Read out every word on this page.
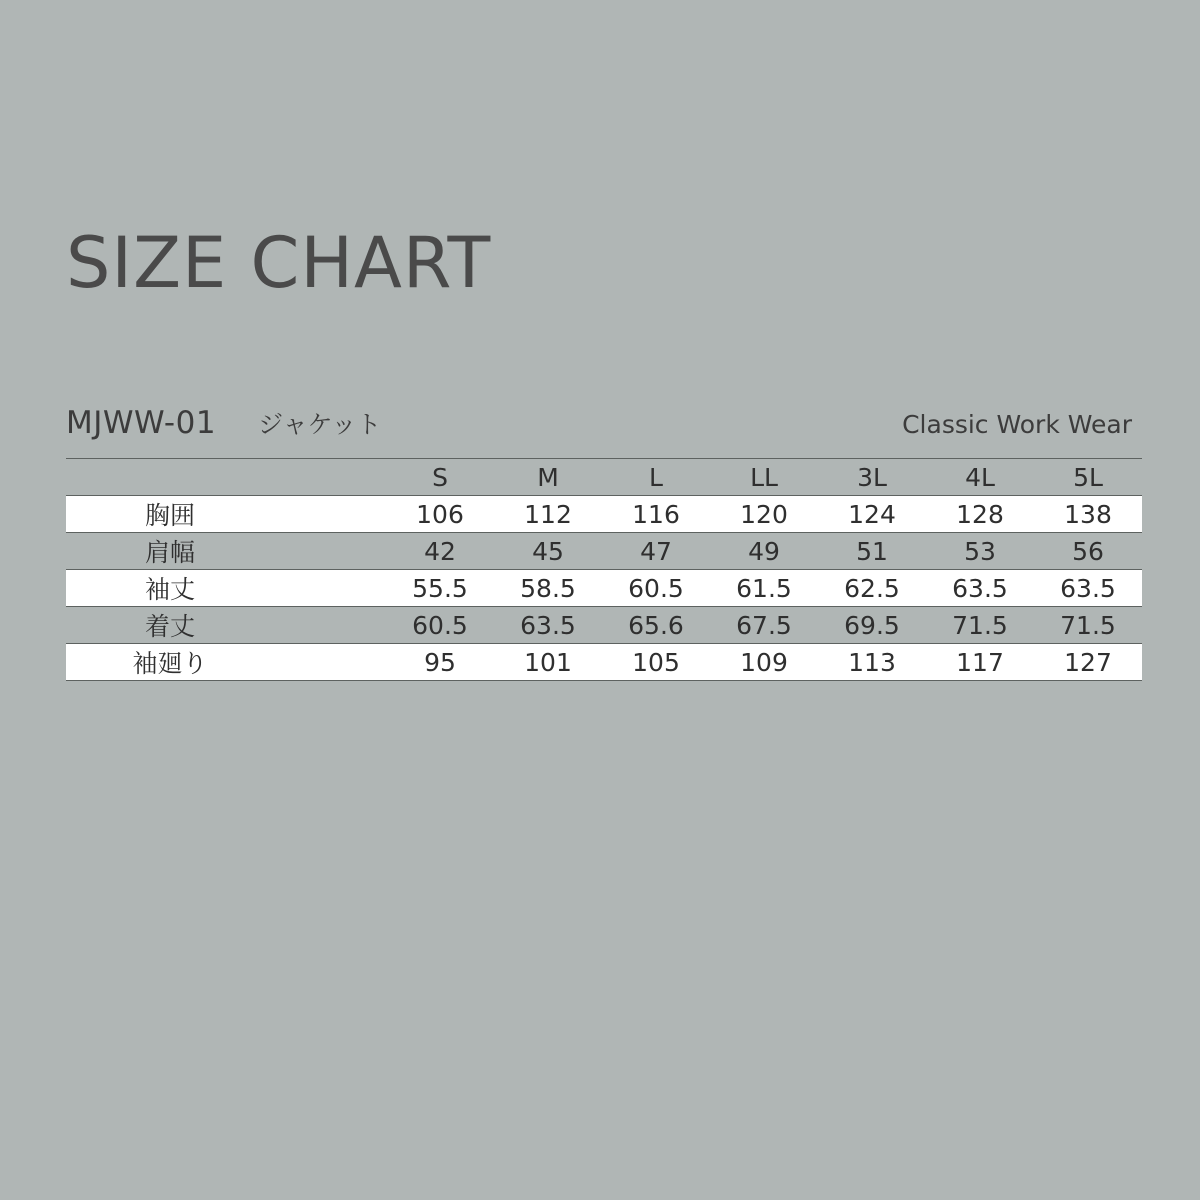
SIZE CHART
MJWW-01 ジャケット	Classic Work Wear
		S	M	L	LL	3L	4L	5L
胸囲		106	112	116	120	124	128	138
肩幅		42	45	47	49	51	53	56
袖丈		55.5	58.5	60.5	61.5	62.5	63.5	63.5
着丈		60.5	63.5	65.6	67.5	69.5	71.5	71.5
袖廻り		95	101	105	109	113	117	127
